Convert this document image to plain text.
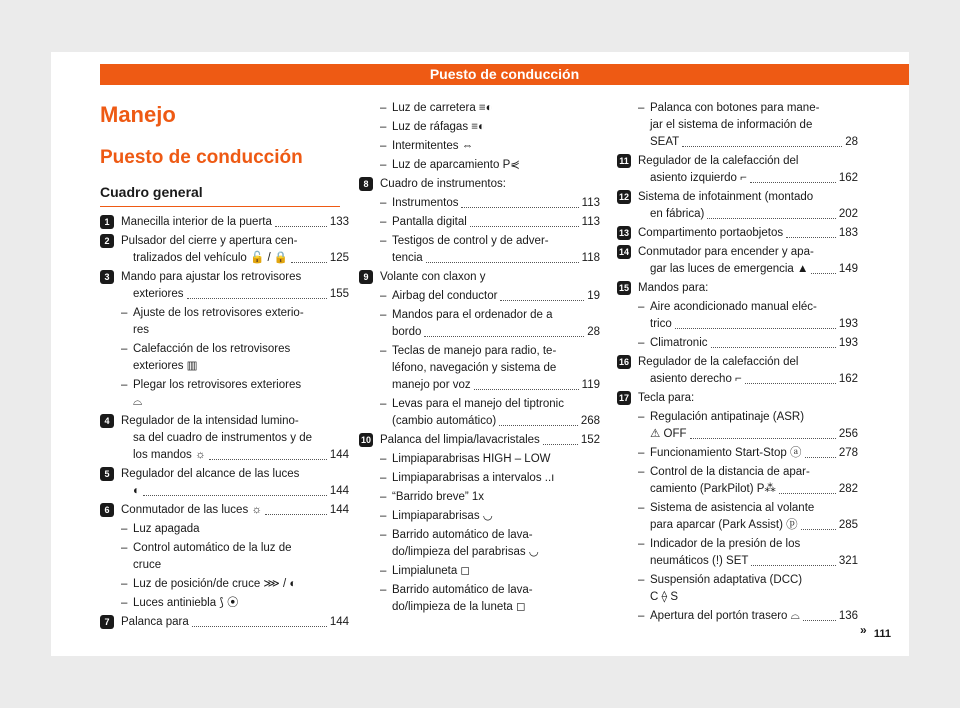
Puesto de conducción
Manejo
Puesto de conducción
Cuadro general
1	Manecilla interior de la puerta	133
2	Pulsador del cierre y apertura cen-
tralizados del vehículo 🔓 / 🔒	125
3	Mando para ajustar los retrovisores
exteriores	155
– Ajuste de los retrovisores exterio-
res
– Calefacción de los retrovisores
exteriores ▥
– Plegar los retrovisores exteriores
⌓
4	Regulador de la intensidad lumino-
sa del cuadro de instrumentos y de
los mandos ☼	144
5	Regulador del alcance de las luces
◐	144
6	Conmutador de las luces ☼	144
– Luz apagada
– Control automático de la luz de
cruce
– Luz de posición/de cruce ⋙ / ◐
– Luces antiniebla ⟆ ⦿
7	Palanca para	144
– Luz de carretera ≡◐
– Luz de ráfagas ≡◐
– Intermitentes ⇔
– Luz de aparcamiento P⋞
8	Cuadro de instrumentos:
– Instrumentos	113
– Pantalla digital	113
– Testigos de control y de adver-
tencia	118
9	Volante con claxon y
– Airbag del conductor	19
– Mandos para el ordenador de a
bordo	28
– Teclas de manejo para radio, te-
léfono, navegación y sistema de
manejo por voz	119
– Levas para el manejo del tiptronic
(cambio automático)	268
10 Palanca del limpia/lavacristales	152
– Limpiaparabrisas HIGH – LOW
– Limpiaparabrisas a intervalos ..ı
– “Barrido breve” 1x
– Limpiaparabrisas ◡
– Barrido automático de lava-
do/limpieza del parabrisas ◡
– Limpialuneta ◻
– Barrido automático de lava-
do/limpieza de la luneta ◻
– Palanca con botones para mane-
jar el sistema de información de
SEAT	28
11 Regulador de la calefacción del
asiento izquierdo ⌐	162
12 Sistema de infotainment (montado
en fábrica)	202
13 Compartimento portaobjetos	183
14 Conmutador para encender y apa-
gar las luces de emergencia ▲	149
15 Mandos para:
– Aire acondicionado manual eléc-
trico	193
– Climatronic	193
16 Regulador de la calefacción del
asiento derecho ⌐	162
17 Tecla para:
– Regulación antipatinaje (ASR)
⚠ OFF	256
– Funcionamiento Start-Stop ⓐ	278
– Control de la distancia de apar-
camiento (ParkPilot) P⁂	282
– Sistema de asistencia al volante
para aparcar (Park Assist) ⓟ	285
– Indicador de la presión de los
neumáticos (!) SET	321
– Suspensión adaptativa (DCC)
C ⟠ S
– Apertura del portón trasero ⌓	136
» 111
